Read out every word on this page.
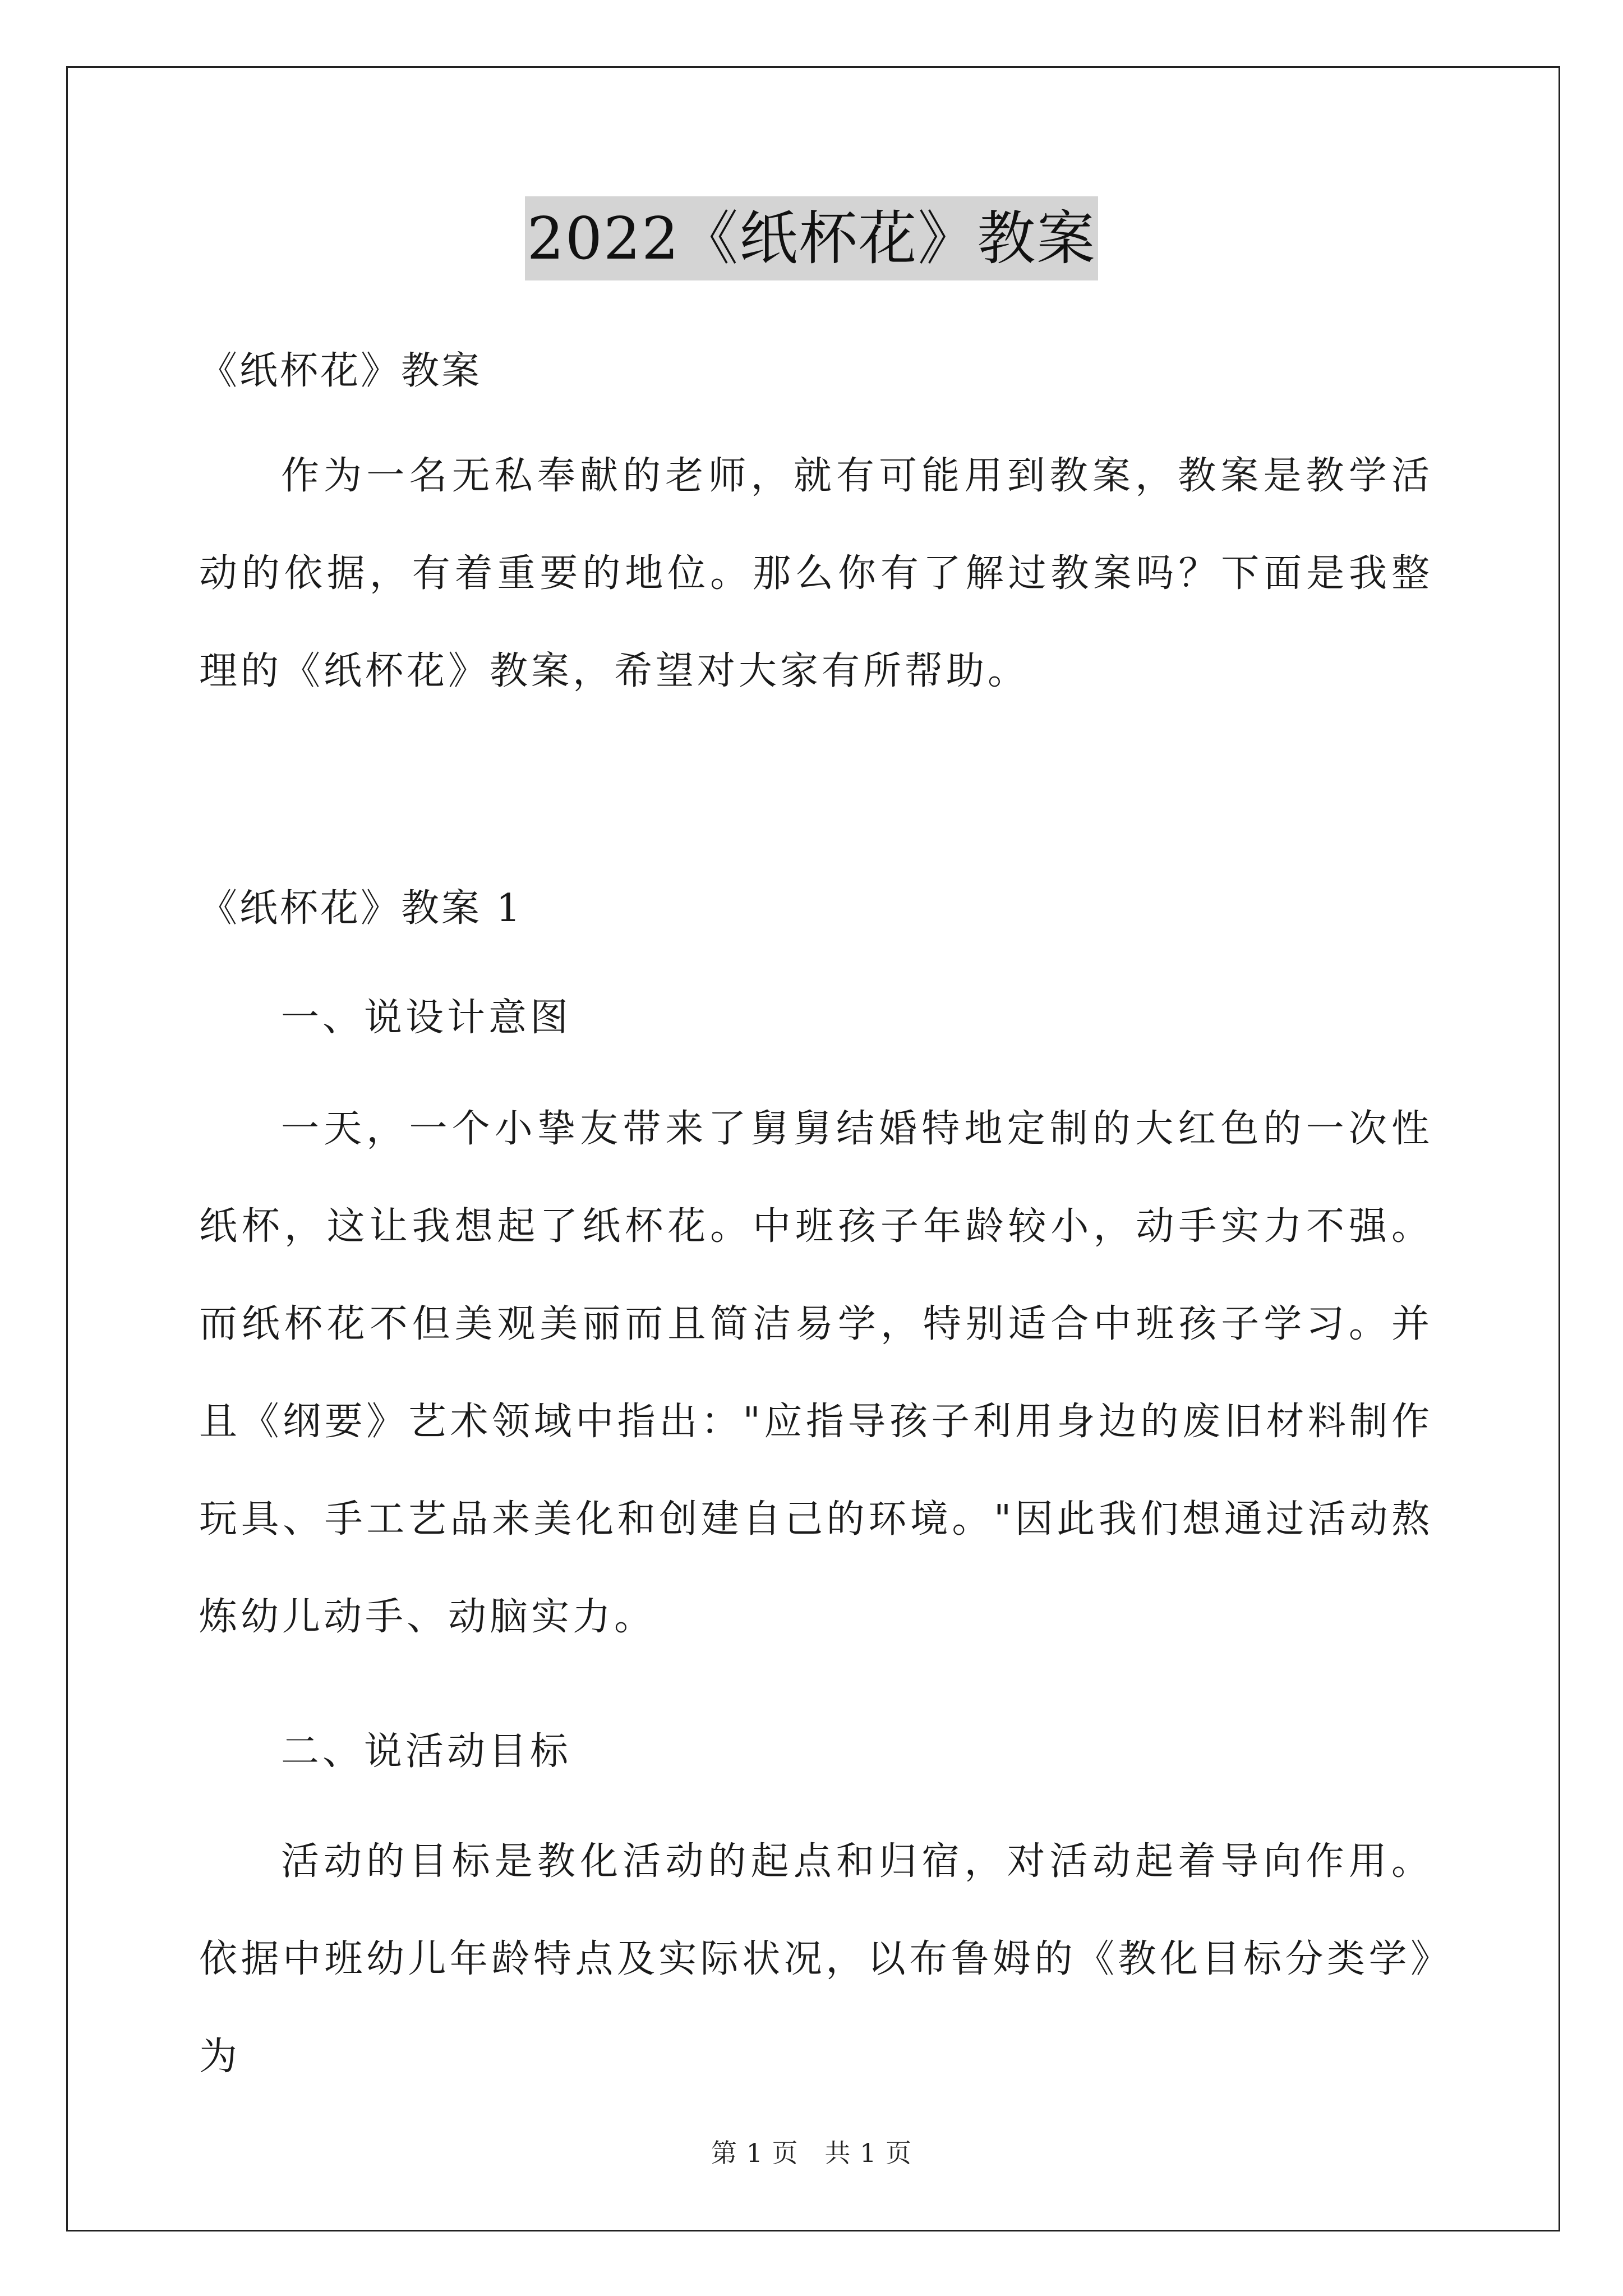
2022《纸杯花》教案
《纸杯花》教案
作为一名无私奉献的老师，就有可能用到教案，教案是教学活动的依据，有着重要的地位。那么你有了解过教案吗？下面是我整理的《纸杯花》教案，希望对大家有所帮助。
《纸杯花》教案 1
一、说设计意图
一天，一个小挚友带来了舅舅结婚特地定制的大红色的一次性纸杯，这让我想起了纸杯花。中班孩子年龄较小，动手实力不强。而纸杯花不但美观美丽而且简洁易学，特别适合中班孩子学习。并且《纲要》艺术领域中指出："应指导孩子利用身边的废旧材料制作玩具、手工艺品来美化和创建自己的环境。"因此我们想通过活动熬炼幼儿动手、动脑实力。
二、说活动目标
活动的目标是教化活动的起点和归宿，对活动起着导向作用。依据中班幼儿年龄特点及实际状况，以布鲁姆的《教化目标分类学》为
第 1 页　共 1 页
